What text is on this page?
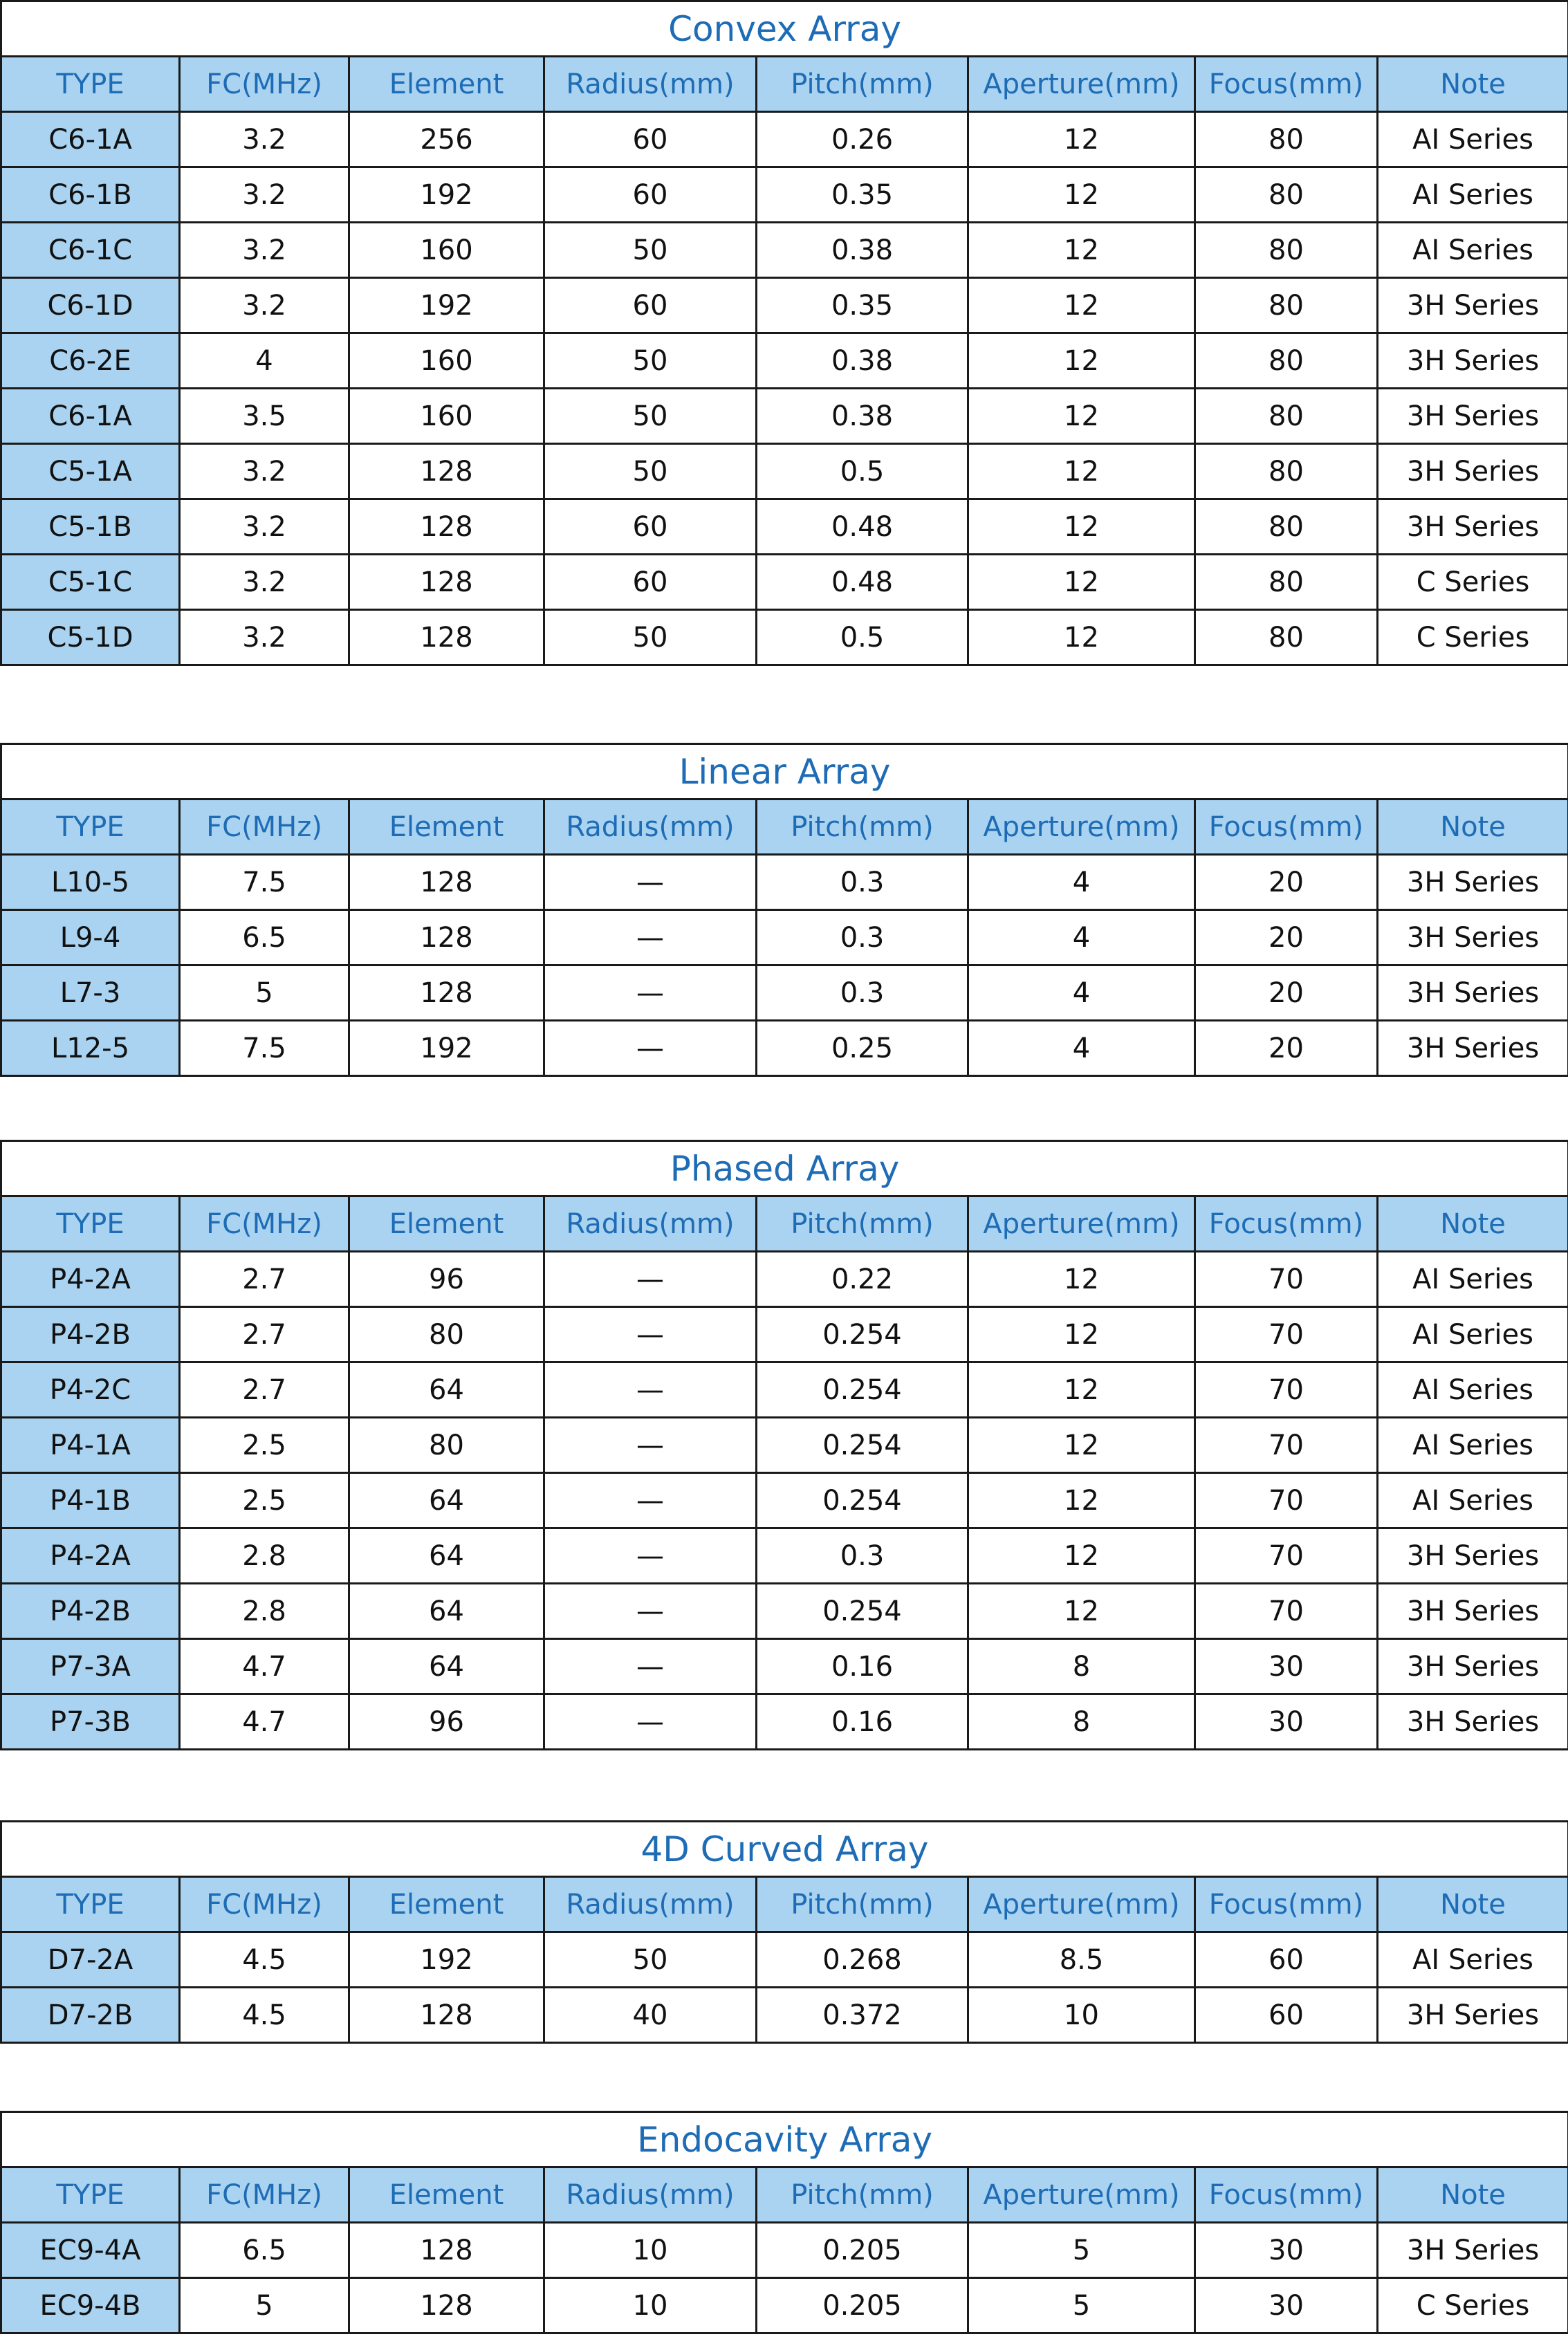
Convex Array							
TYPE	FC(MHz)	Element	Radius(mm)	Pitch(mm)	Aperture(mm)	Focus(mm)	Note
C6-1A	3.2	256	60	0.26	12	80	AI Series
C6-1B	3.2	192	60	0.35	12	80	AI Series
C6-1C	3.2	160	50	0.38	12	80	AI Series
C6-1D	3.2	192	60	0.35	12	80	3H Series
C6-2E	4	160	50	0.38	12	80	3H Series
C6-1A	3.5	160	50	0.38	12	80	3H Series
C5-1A	3.2	128	50	0.5	12	80	3H Series
C5-1B	3.2	128	60	0.48	12	80	3H Series
C5-1C	3.2	128	60	0.48	12	80	C Series
C5-1D	3.2	128	50	0.5	12	80	C Series
Linear Array							
TYPE	FC(MHz)	Element	Radius(mm)	Pitch(mm)	Aperture(mm)	Focus(mm)	Note
L10-5	7.5	128	—	0.3	4	20	3H Series
L9-4	6.5	128	—	0.3	4	20	3H Series
L7-3	5	128	—	0.3	4	20	3H Series
L12-5	7.5	192	—	0.25	4	20	3H Series
Phased Array							
TYPE	FC(MHz)	Element	Radius(mm)	Pitch(mm)	Aperture(mm)	Focus(mm)	Note
P4-2A	2.7	96	—	0.22	12	70	AI Series
P4-2B	2.7	80	—	0.254	12	70	AI Series
P4-2C	2.7	64	—	0.254	12	70	AI Series
P4-1A	2.5	80	—	0.254	12	70	AI Series
P4-1B	2.5	64	—	0.254	12	70	AI Series
P4-2A	2.8	64	—	0.3	12	70	3H Series
P4-2B	2.8	64	—	0.254	12	70	3H Series
P7-3A	4.7	64	—	0.16	8	30	3H Series
P7-3B	4.7	96	—	0.16	8	30	3H Series
4D Curved Array							
TYPE	FC(MHz)	Element	Radius(mm)	Pitch(mm)	Aperture(mm)	Focus(mm)	Note
D7-2A	4.5	192	50	0.268	8.5	60	AI Series
D7-2B	4.5	128	40	0.372	10	60	3H Series
Endocavity Array							
TYPE	FC(MHz)	Element	Radius(mm)	Pitch(mm)	Aperture(mm)	Focus(mm)	Note
EC9-4A	6.5	128	10	0.205	5	30	3H Series
EC9-4B	5	128	10	0.205	5	30	C Series
